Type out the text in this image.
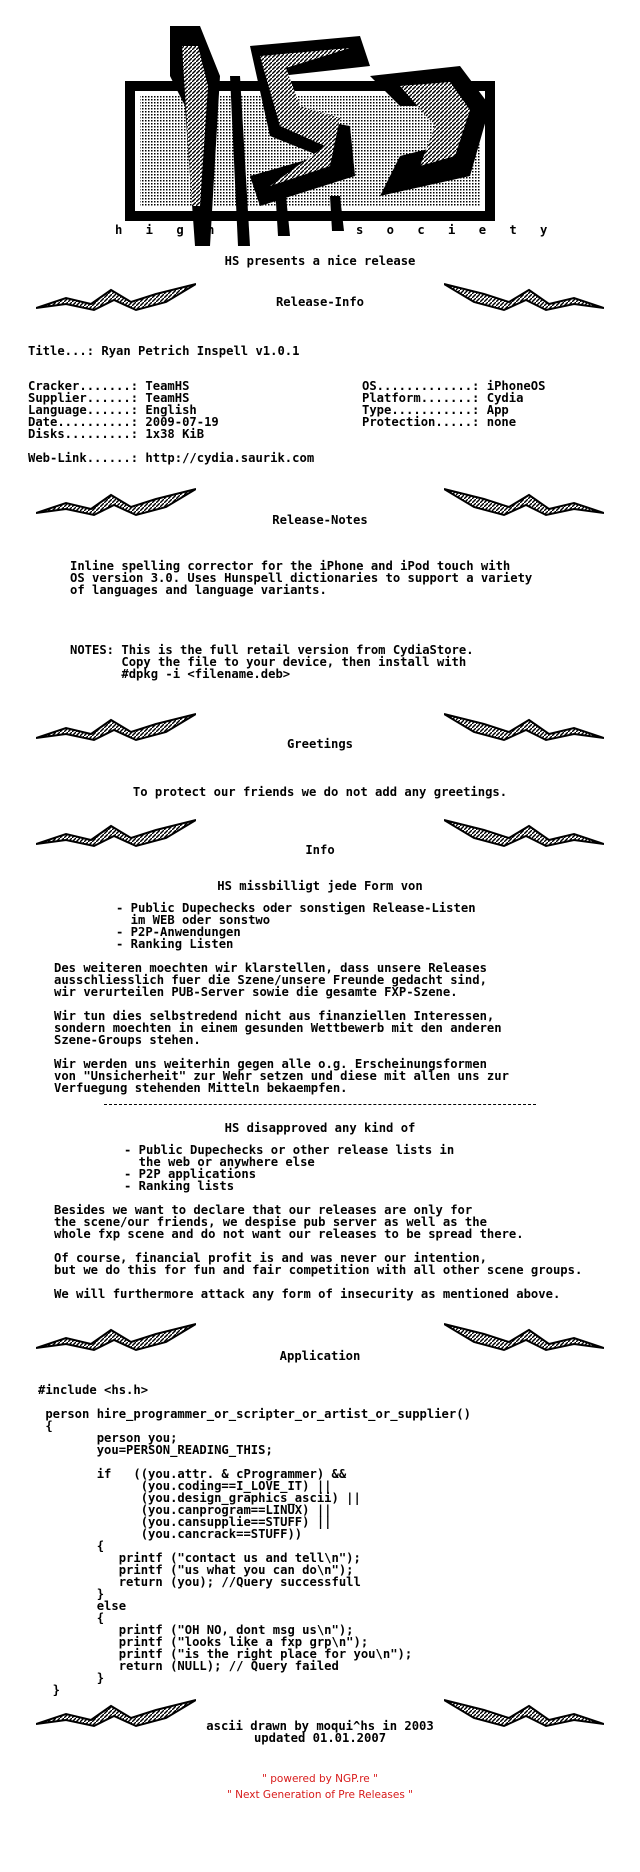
h i g h	s o c i e t y
HS presents a nice release
Release-Info
Title...: Ryan Petrich Inspell v1.0.1
Cracker.......: TeamHS
Supplier......: TeamHS
Language......: English
Date..........: 2009-07-19
Disks.........: 1x38 KiB
OS.............: iPhoneOS
Platform.......: Cydia
Type...........: App
Protection.....: none
Web-Link......: http://cydia.saurik.com
Release-Notes
Inline spelling corrector for the iPhone and iPod touch with
OS version 3.0. Uses Hunspell dictionaries to support a variety
of languages and language variants.
NOTES: This is the full retail version from CydiaStore.
Copy the file to your device, then install with
#dpkg -i <filename.deb>
Greetings
To protect our friends we do not add any greetings.
Info
HS missbilligt jede Form von
- Public Dupechecks oder sonstigen Release-Listen
im WEB oder sonstwo
- P2P-Anwendungen
- Ranking Listen
Des weiteren moechten wir klarstellen, dass unsere Releases
ausschliesslich fuer die Szene/unsere Freunde gedacht sind,
wir verurteilen PUB-Server sowie die gesamte FXP-Szene.
Wir tun dies selbstredend nicht aus finanziellen Interessen,
sondern moechten in einem gesunden Wettbewerb mit den anderen
Szene-Groups stehen.
Wir werden uns weiterhin gegen alle o.g. Erscheinungsformen
von "Unsicherheit" zur Wehr setzen und diese mit allen uns zur
Verfuegung stehenden Mitteln bekaempfen.
HS disapproved any kind of
- Public Dupechecks or other release lists in
the web or anywhere else
- P2P applications
- Ranking lists
Besides we want to declare that our releases are only for
the scene/our friends, we despise pub server as well as the
whole fxp scene and do not want our releases to be spread there.
Of course, financial profit is and was never our intention,
but we do this for fun and fair competition with all other scene groups.
We will furthermore attack any form of insecurity as mentioned above.
Application
#include <hs.h>
person hire_programmer_or_scripter_or_artist_or_supplier()
{
person you;
you=PERSON_READING_THIS;
if   ((you.attr. & cProgrammer) &&
(you.coding==I_LOVE_IT) ||
(you.design_graphics_ascii) ||
(you.canprogram==LINUX) ||
(you.cansupplie==STUFF) ||
(you.cancrack==STUFF))
{
printf ("contact us and tell\n");
printf ("us what you can do\n");
return (you); //Query successfull
}
else
{
printf ("OH NO, dont msg us\n");
printf ("looks like a fxp grp\n");
printf ("is the right place for you\n");
return (NULL); // Query failed
}
}
ascii drawn by moqui^hs in 2003
updated 01.01.2007
" powered by NGP.re "
" Next Generation of Pre Releases "
